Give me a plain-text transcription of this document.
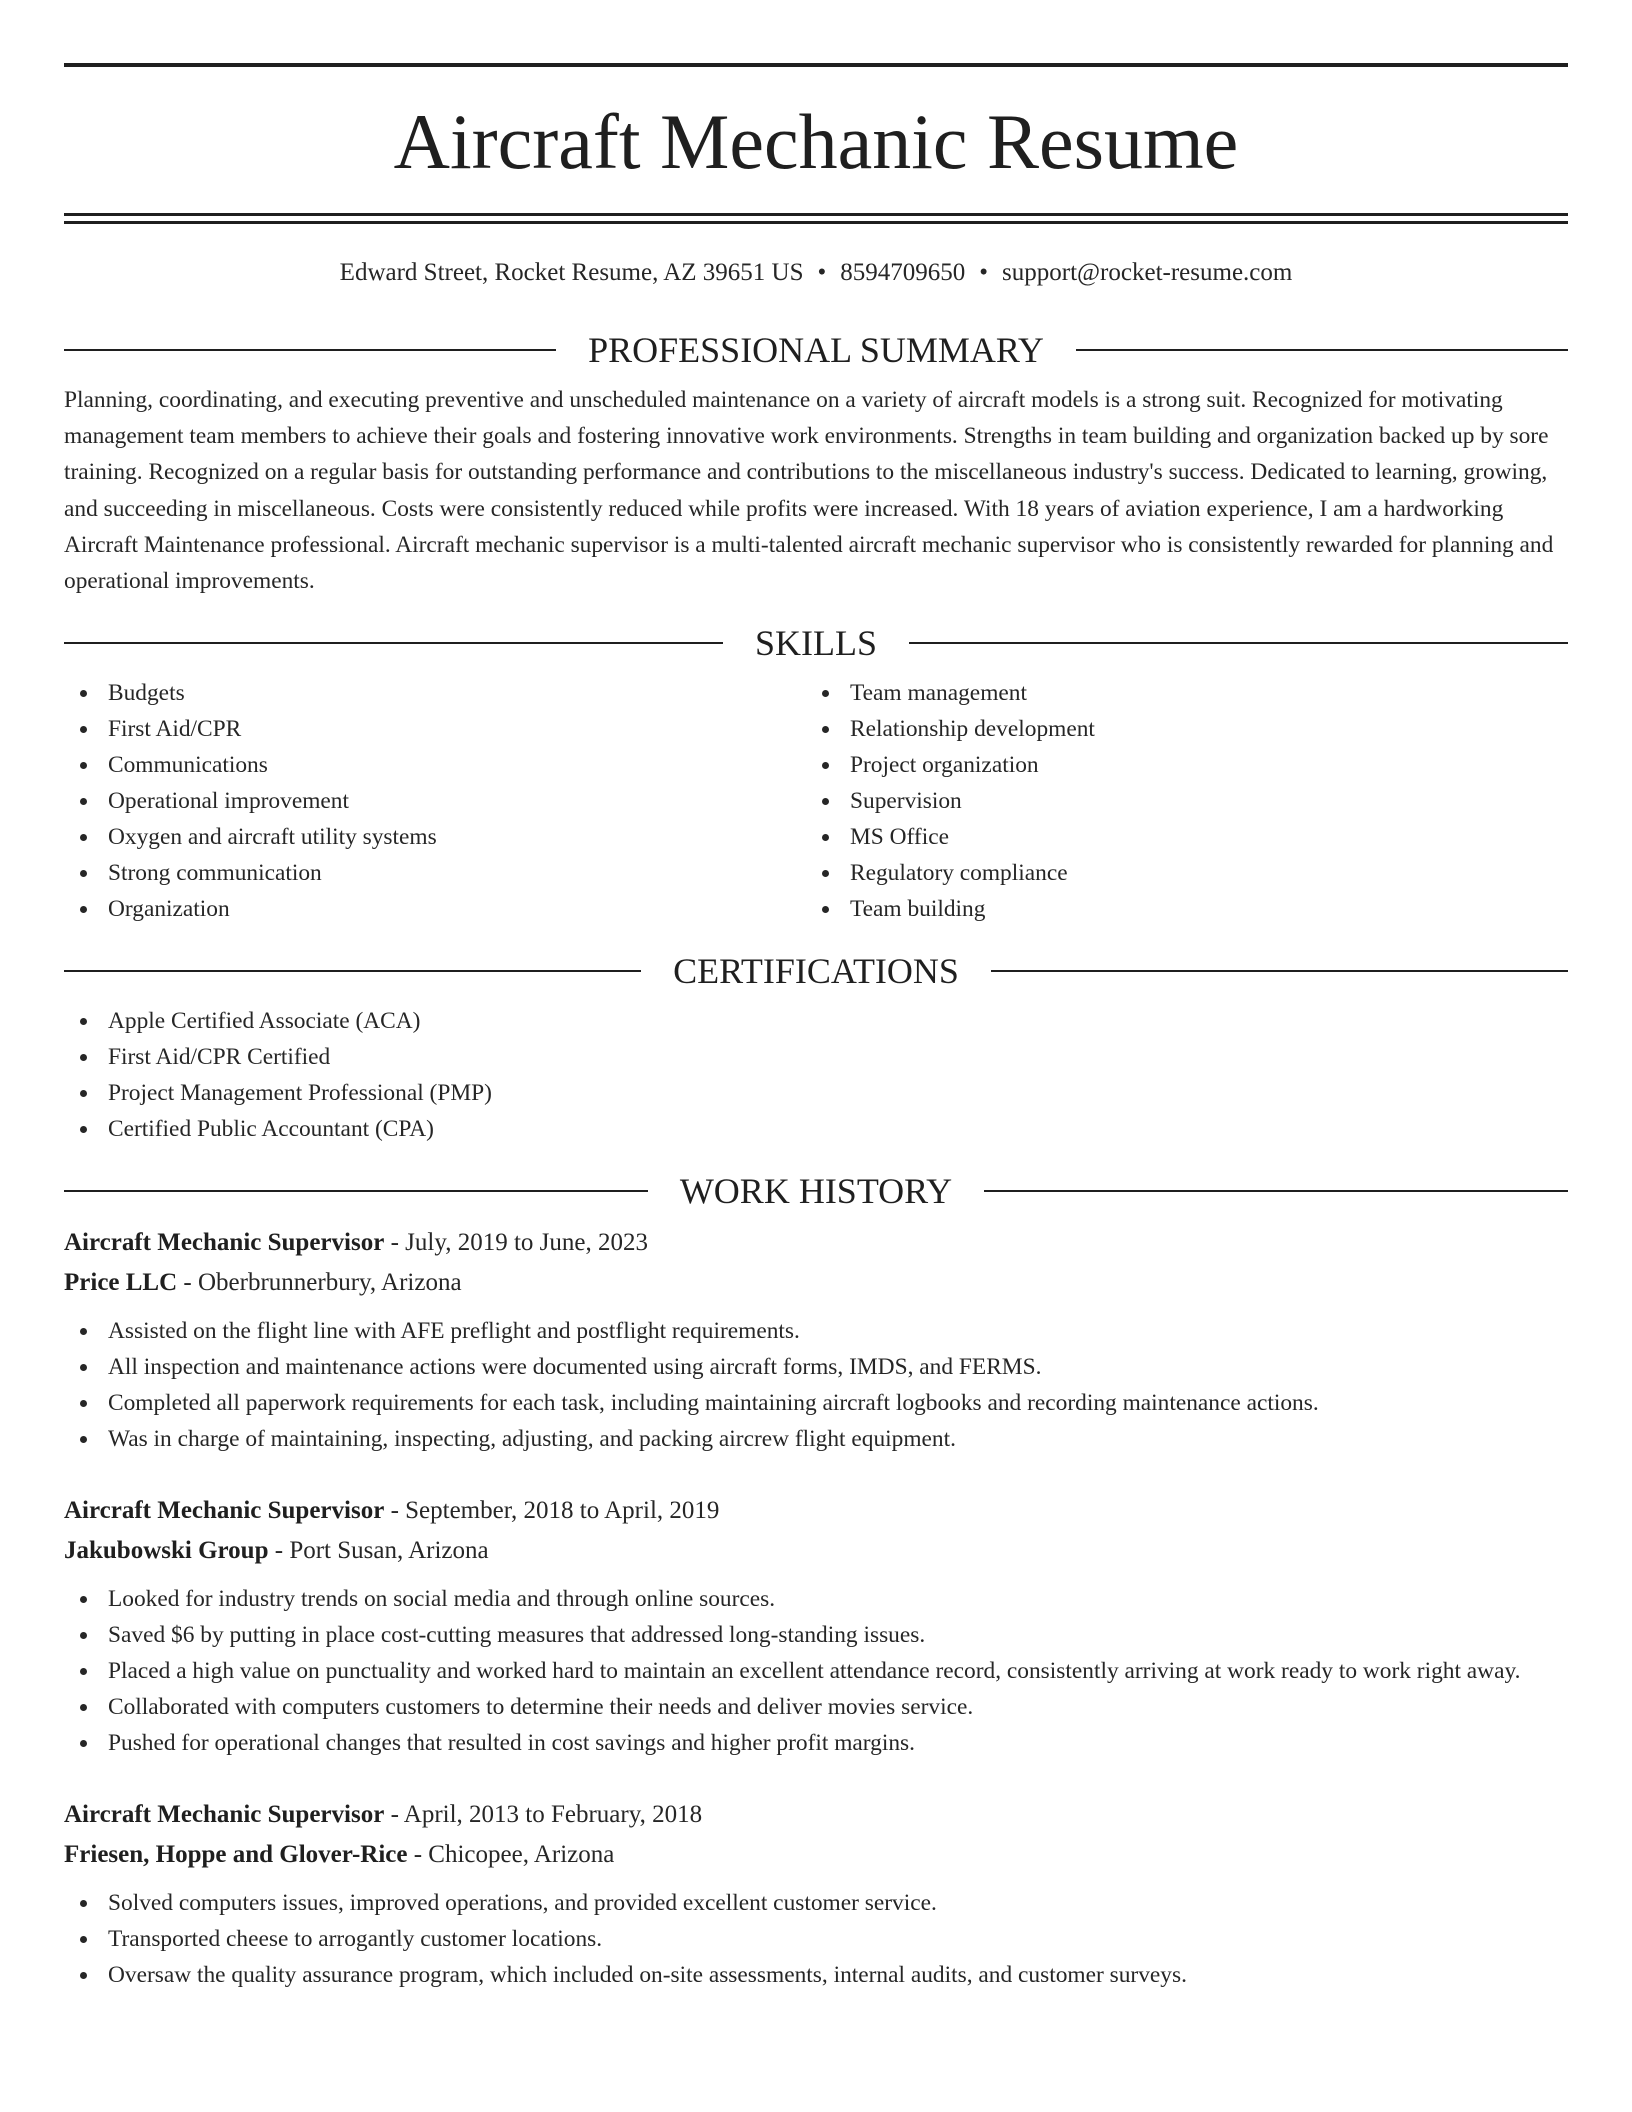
Aircraft Mechanic Resume
Edward Street, Rocket Resume, AZ 39651 US • 8594709650 • support@rocket-resume.com
PROFESSIONAL SUMMARY
Planning, coordinating, and executing preventive and unscheduled maintenance on a variety of aircraft models is a strong suit. Recognized for motivating management team members to achieve their goals and fostering innovative work environments. Strengths in team building and organization backed up by sore training. Recognized on a regular basis for outstanding performance and contributions to the miscellaneous industry's success. Dedicated to learning, growing, and succeeding in miscellaneous. Costs were consistently reduced while profits were increased. With 18 years of aviation experience, I am a hardworking Aircraft Maintenance professional. Aircraft mechanic supervisor is a multi-talented aircraft mechanic supervisor who is consistently rewarded for planning and operational improvements.
SKILLS
Budgets
First Aid/CPR
Communications
Operational improvement
Oxygen and aircraft utility systems
Strong communication
Organization
Team management
Relationship development
Project organization
Supervision
MS Office
Regulatory compliance
Team building
CERTIFICATIONS
Apple Certified Associate (ACA)
First Aid/CPR Certified
Project Management Professional (PMP)
Certified Public Accountant (CPA)
WORK HISTORY
Aircraft Mechanic Supervisor - July, 2019 to June, 2023
Price LLC - Oberbrunnerbury, Arizona
Assisted on the flight line with AFE preflight and postflight requirements.
All inspection and maintenance actions were documented using aircraft forms, IMDS, and FERMS.
Completed all paperwork requirements for each task, including maintaining aircraft logbooks and recording maintenance actions.
Was in charge of maintaining, inspecting, adjusting, and packing aircrew flight equipment.
Aircraft Mechanic Supervisor - September, 2018 to April, 2019
Jakubowski Group - Port Susan, Arizona
Looked for industry trends on social media and through online sources.
Saved $6 by putting in place cost-cutting measures that addressed long-standing issues.
Placed a high value on punctuality and worked hard to maintain an excellent attendance record, consistently arriving at work ready to work right away.
Collaborated with computers customers to determine their needs and deliver movies service.
Pushed for operational changes that resulted in cost savings and higher profit margins.
Aircraft Mechanic Supervisor - April, 2013 to February, 2018
Friesen, Hoppe and Glover-Rice - Chicopee, Arizona
Solved computers issues, improved operations, and provided excellent customer service.
Transported cheese to arrogantly customer locations.
Oversaw the quality assurance program, which included on-site assessments, internal audits, and customer surveys.
